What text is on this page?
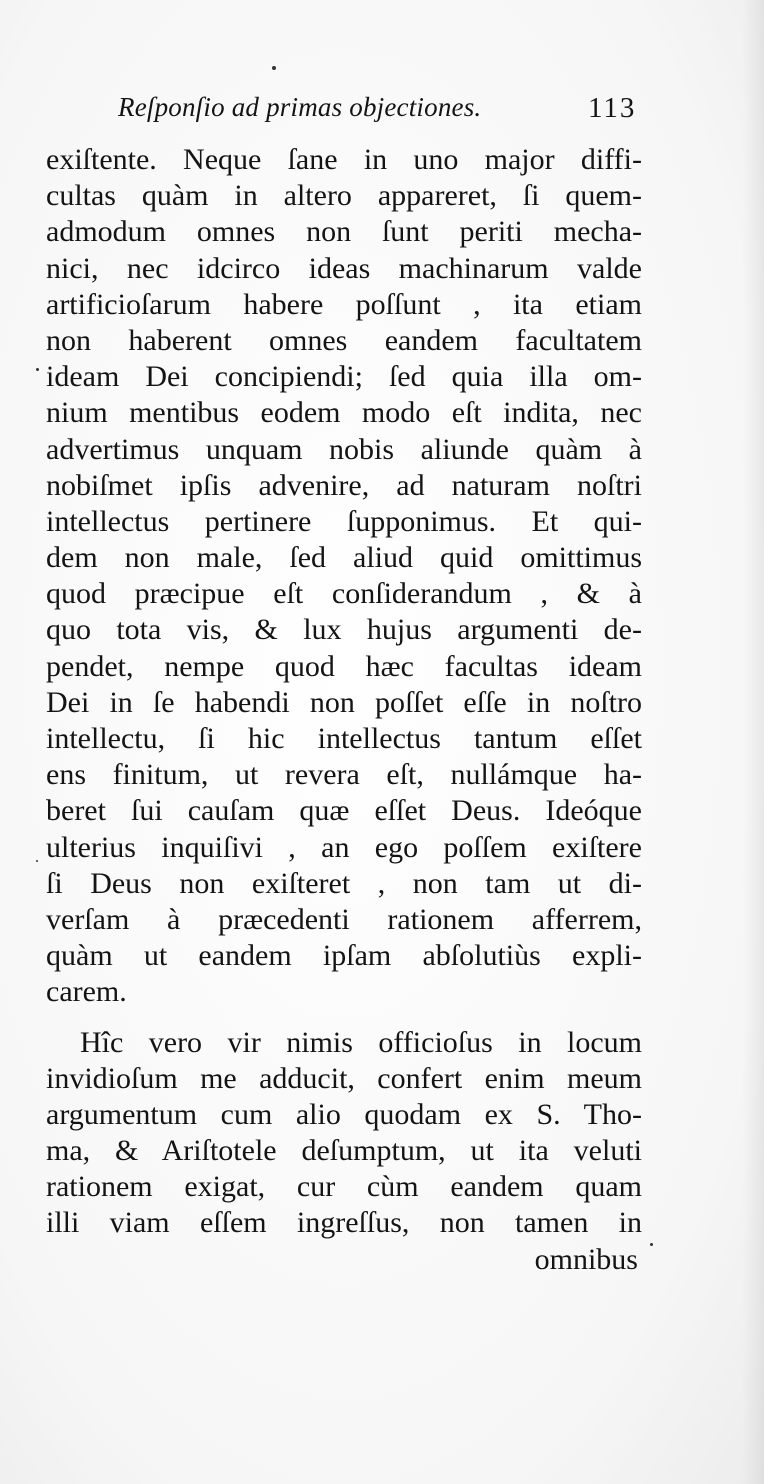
Reſponſio ad primas objectiones.	113
exiſtente. Neque ſane in uno major diffi-
cultas quàm in altero appareret, ſi quem-
admodum omnes non ſunt periti mecha-
nici, nec idcirco ideas machinarum valde
artificioſarum habere poſſunt , ita etiam
non haberent omnes eandem facultatem
ideam Dei concipiendi; ſed quia illa om-
nium mentibus eodem modo eſt indita, nec
advertimus unquam nobis aliunde quàm à
nobiſmet ipſis advenire, ad naturam noſtri
intellectus pertinere ſupponimus. Et qui-
dem non male, ſed aliud quid omittimus
quod præcipue eſt conſiderandum , & à
quo tota vis, & lux hujus argumenti de-
pendet, nempe quod hæc facultas ideam
Dei in ſe habendi non poſſet eſſe in noſtro
intellectu, ſi hic intellectus tantum eſſet
ens finitum, ut revera eſt, nullámque ha-
beret ſui cauſam quæ eſſet Deus. Ideóque
ulterius inquiſivi , an ego poſſem exiſtere
ſi Deus non exiſteret , non tam ut di-
verſam à præcedenti rationem afferrem,
quàm ut eandem ipſam abſolutiùs expli-
carem.
Hîc vero vir nimis officioſus in locum
invidioſum me adducit, confert enim meum
argumentum cum alio quodam ex S. Tho-
ma, & Ariſtotele deſumptum, ut ita veluti
rationem exigat, cur cùm eandem quam
illi viam eſſem ingreſſus, non tamen in
omnibus
